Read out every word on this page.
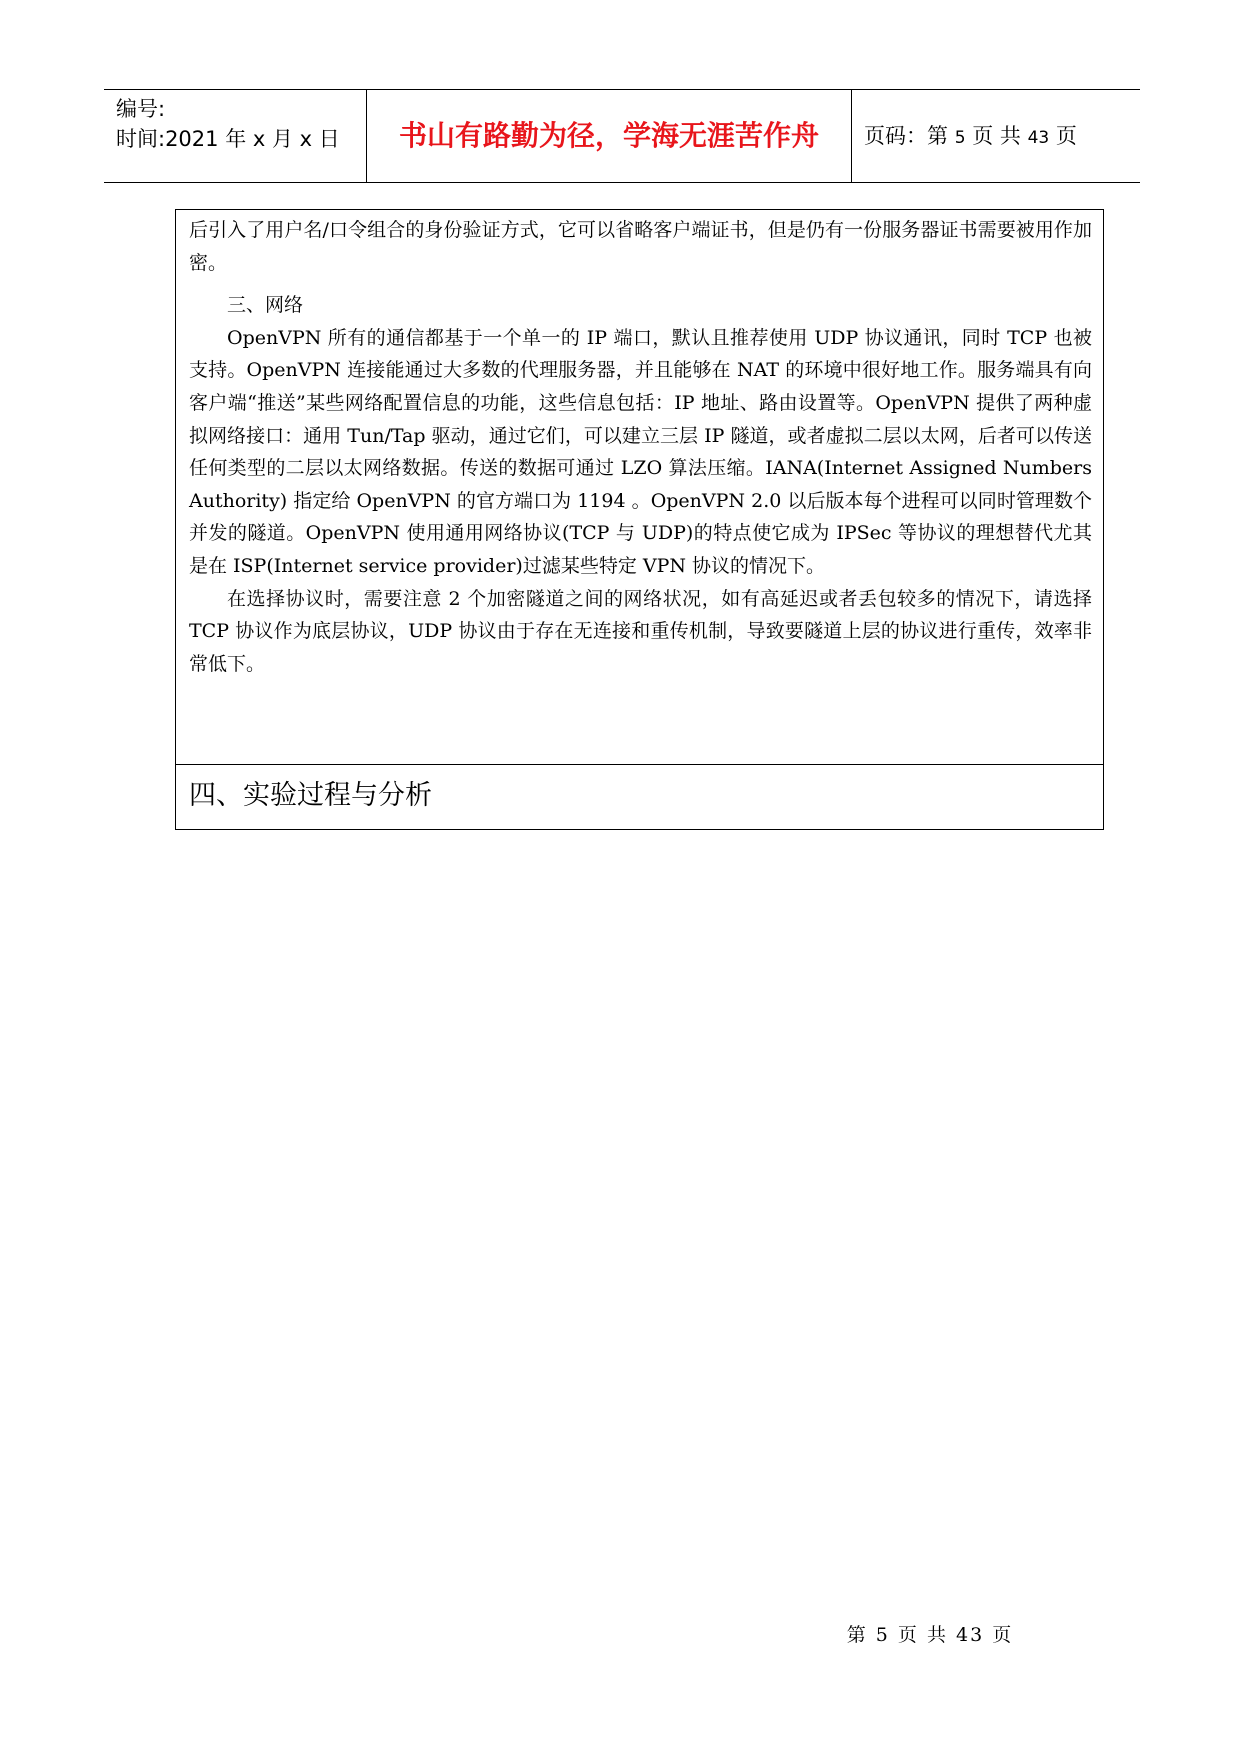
编号:
时间:2021 年 x 月 x 日	书山有路勤为径，学海无涯苦作舟	页码：第 5 页 共 43 页

后引入了用户名/口令组合的身份验证方式，它可以省略客户端证书，但是仍有一份服务器证书需要被用作加密。

三、网络

OpenVPN 所有的通信都基于一个单一的 IP 端口，默认且推荐使用 UDP 协议通讯，同时 TCP 也被支持。OpenVPN 连接能通过大多数的代理服务器，并且能够在 NAT 的环境中很好地工作。服务端具有向客户端“推送”某些网络配置信息的功能，这些信息包括：IP 地址、路由设置等。OpenVPN 提供了两种虚拟网络接口：通用 Tun/Tap 驱动，通过它们，可以建立三层 IP 隧道，或者虚拟二层以太网，后者可以传送任何类型的二层以太网络数据。传送的数据可通过 LZO 算法压缩。IANA(Internet Assigned Numbers Authority) 指定给 OpenVPN 的官方端口为 1194 。OpenVPN 2.0 以后版本每个进程可以同时管理数个并发的隧道。OpenVPN 使用通用网络协议(TCP 与 UDP)的特点使它成为 IPSec 等协议的理想替代尤其是在 ISP(Internet service provider)过滤某些特定 VPN 协议的情况下。

在选择协议时，需要注意 2 个加密隧道之间的网络状况，如有高延迟或者丢包较多的情况下，请选择 TCP 协议作为底层协议，UDP 协议由于存在无连接和重传机制，导致要隧道上层的协议进行重传，效率非常低下。

四、实验过程与分析
第 5 页 共 43 页
